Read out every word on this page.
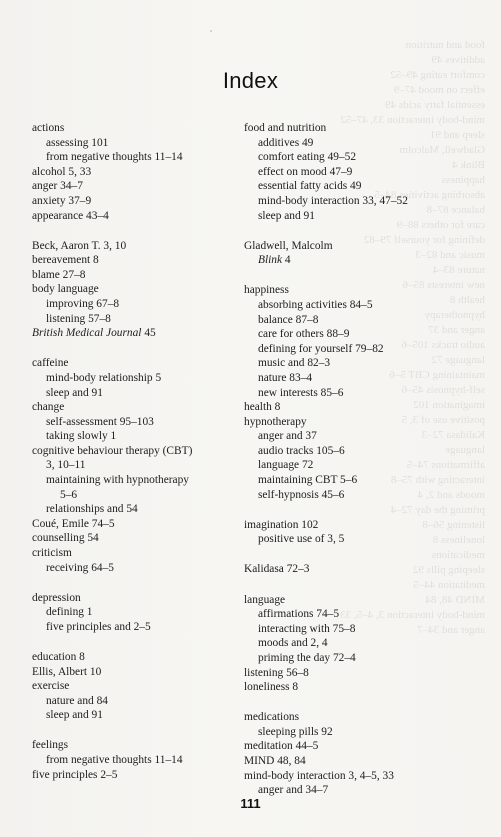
food and nutrition
additives 49
comfort eating 49–52
effect on mood 47–9
essential fatty acids 49
mind-body interaction 33, 47–52
sleep and 91
Gladwell, Malcolm
Blink 4
happiness
absorbing activities 84–5
balance 87–8
care for others 88–9
defining for yourself 79–82
music and 82–3
nature 83–4
new interests 85–6
health 8
hypnotherapy
anger and 37
audio tracks 105–6
language 72
maintaining CBT 5–6
self-hypnosis 45–6
imagination 102
positive use of 3, 5
Kalidasa 72–3
language
affirmations 74–5
interacting with 75–8
moods and 2, 4
priming the day 72–4
listening 56–8
loneliness 8
medications
sleeping pills 92
meditation 44–5
MIND 48, 84
mind-body interaction 3, 4–5, 33
anger and 34–7
Index
actions
assessing 101
from negative thoughts 11–14
alcohol 5, 33
anger 34–7
anxiety 37–9
appearance 43–4
Beck, Aaron T. 3, 10
bereavement 8
blame 27–8
body language
improving 67–8
listening 57–8
British Medical Journal 45
caffeine
mind-body relationship 5
sleep and 91
change
self-assessment 95–103
taking slowly 1
cognitive behaviour therapy (CBT)
3, 10–11
maintaining with hypnotherapy
5–6
relationships and 54
Coué, Emile 74–5
counselling 54
criticism
receiving 64–5
depression
defining 1
five principles and 2–5
education 8
Ellis, Albert 10
exercise
nature and 84
sleep and 91
feelings
from negative thoughts 11–14
five principles 2–5
food and nutrition
additives 49
comfort eating 49–52
effect on mood 47–9
essential fatty acids 49
mind-body interaction 33, 47–52
sleep and 91
Gladwell, Malcolm
Blink 4
happiness
absorbing activities 84–5
balance 87–8
care for others 88–9
defining for yourself 79–82
music and 82–3
nature 83–4
new interests 85–6
health 8
hypnotherapy
anger and 37
audio tracks 105–6
language 72
maintaining CBT 5–6
self-hypnosis 45–6
imagination 102
positive use of 3, 5
Kalidasa 72–3
language
affirmations 74–5
interacting with 75–8
moods and 2, 4
priming the day 72–4
listening 56–8
loneliness 8
medications
sleeping pills 92
meditation 44–5
MIND 48, 84
mind-body interaction 3, 4–5, 33
anger and 34–7
111
